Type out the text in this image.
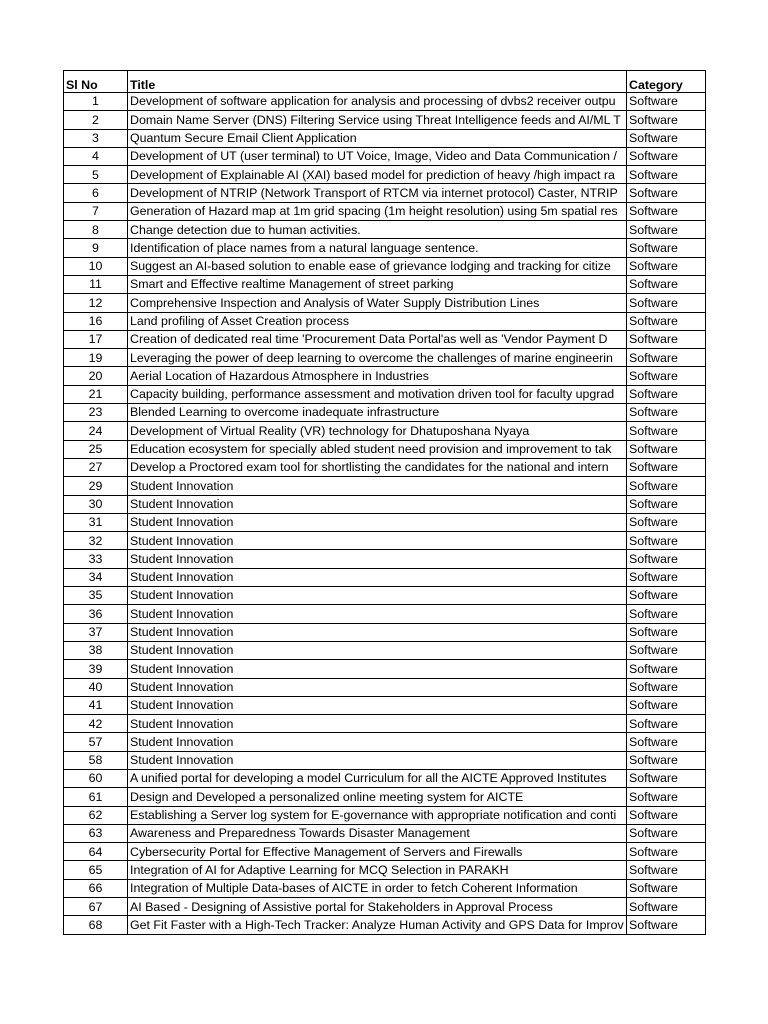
Sl No	Title	Category
1	Development of software application for analysis and processing of dvbs2 receiver outpu	Software
2	Domain Name Server (DNS) Filtering Service using Threat Intelligence feeds and AI/ML T	Software
3	Quantum Secure Email Client Application	Software
4	Development of UT (user terminal) to UT Voice, Image, Video and Data Communication /	Software
5	Development of Explainable AI (XAI) based model for prediction of heavy /high impact ra	Software
6	Development of NTRIP (Network Transport of RTCM via internet protocol) Caster, NTRIP	Software
7	Generation of Hazard map at 1m grid spacing (1m height resolution) using 5m spatial res	Software
8	Change detection due to human activities.	Software
9	Identification of place names from a natural language sentence.	Software
10	Suggest an AI-based solution to enable ease of grievance lodging and tracking for citize	Software
11	Smart and Effective realtime Management of street parking	Software
12	Comprehensive Inspection and Analysis of Water Supply Distribution Lines	Software
16	Land profiling of Asset Creation process	Software
17	Creation of dedicated real time 'Procurement Data Portal'as well as 'Vendor Payment D	Software
19	Leveraging the power of deep learning to overcome the challenges of marine engineerin	Software
20	Aerial Location of Hazardous Atmosphere in Industries	Software
21	Capacity building, performance assessment and motivation driven tool for faculty upgrad	Software
23	Blended Learning to overcome inadequate infrastructure	Software
24	Development of Virtual Reality (VR) technology for Dhatuposhana Nyaya	Software
25	Education ecosystem for specially abled student need provision and improvement to tak	Software
27	Develop a Proctored exam tool for shortlisting the candidates for the national and intern	Software
29	Student Innovation	Software
30	Student Innovation	Software
31	Student Innovation	Software
32	Student Innovation	Software
33	Student Innovation	Software
34	Student Innovation	Software
35	Student Innovation	Software
36	Student Innovation	Software
37	Student Innovation	Software
38	Student Innovation	Software
39	Student Innovation	Software
40	Student Innovation	Software
41	Student Innovation	Software
42	Student Innovation	Software
57	Student Innovation	Software
58	Student Innovation	Software
60	A unified portal for developing a model Curriculum for all the AICTE Approved Institutes	Software
61	Design and Developed a personalized online meeting system for AICTE	Software
62	Establishing a Server log system for E-governance with appropriate notification and conti	Software
63	Awareness and Preparedness Towards Disaster Management	Software
64	Cybersecurity Portal for Effective Management of Servers and Firewalls	Software
65	Integration of AI for Adaptive Learning for MCQ Selection in PARAKH	Software
66	Integration of Multiple Data-bases of AICTE in order to fetch Coherent Information	Software
67	AI Based - Designing of Assistive portal for Stakeholders in Approval Process	Software
68	Get Fit Faster with a High-Tech Tracker: Analyze Human Activity and GPS Data for Improv	Software
